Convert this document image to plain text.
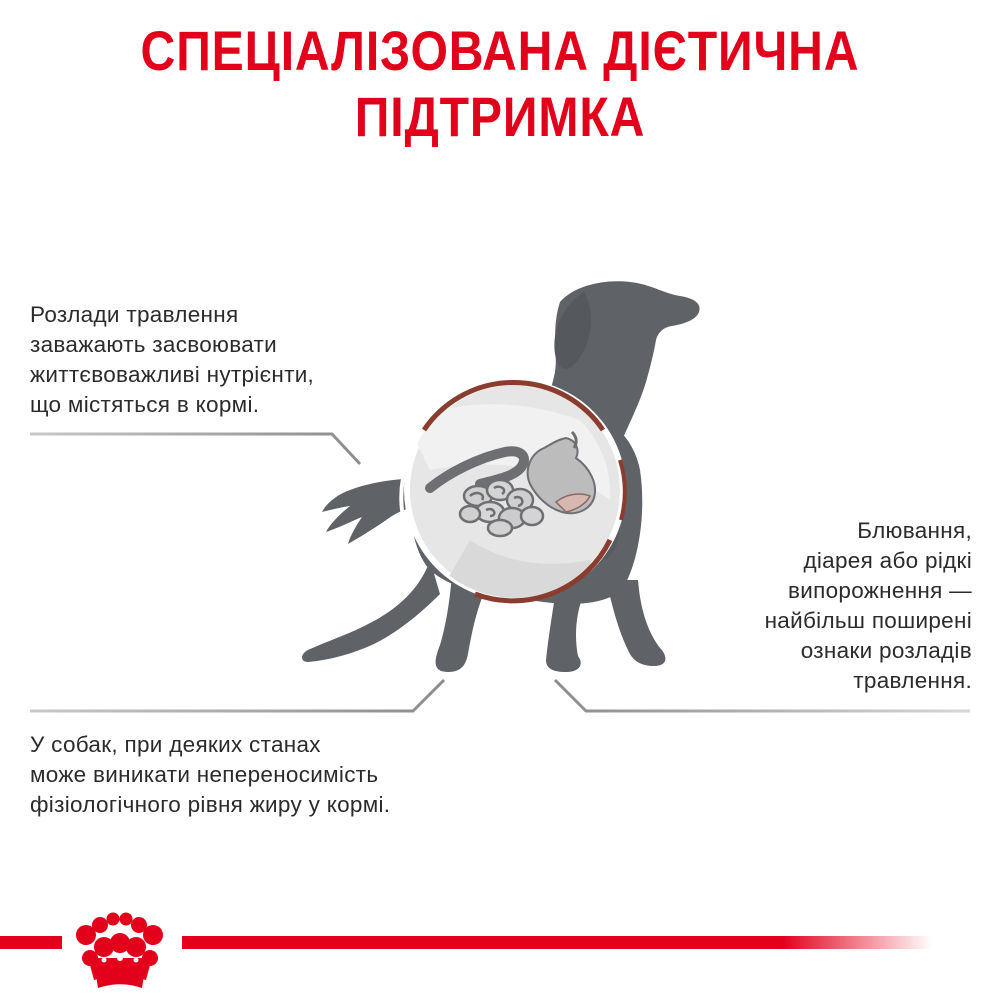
СПЕЦІАЛІЗОВАНА ДІЄТИЧНА
ПІДТРИМКА
Розлади травлення
заважають засвоювати
життєвоважливі нутрієнти,
що містяться в кормі.
Блювання,
діарея або рідкі
випорожнення —
найбільш поширені
ознаки розладів
травлення.
У собак, при деяких станах
може виникати непереносимість
фізіологічного рівня жиру у кормі.
